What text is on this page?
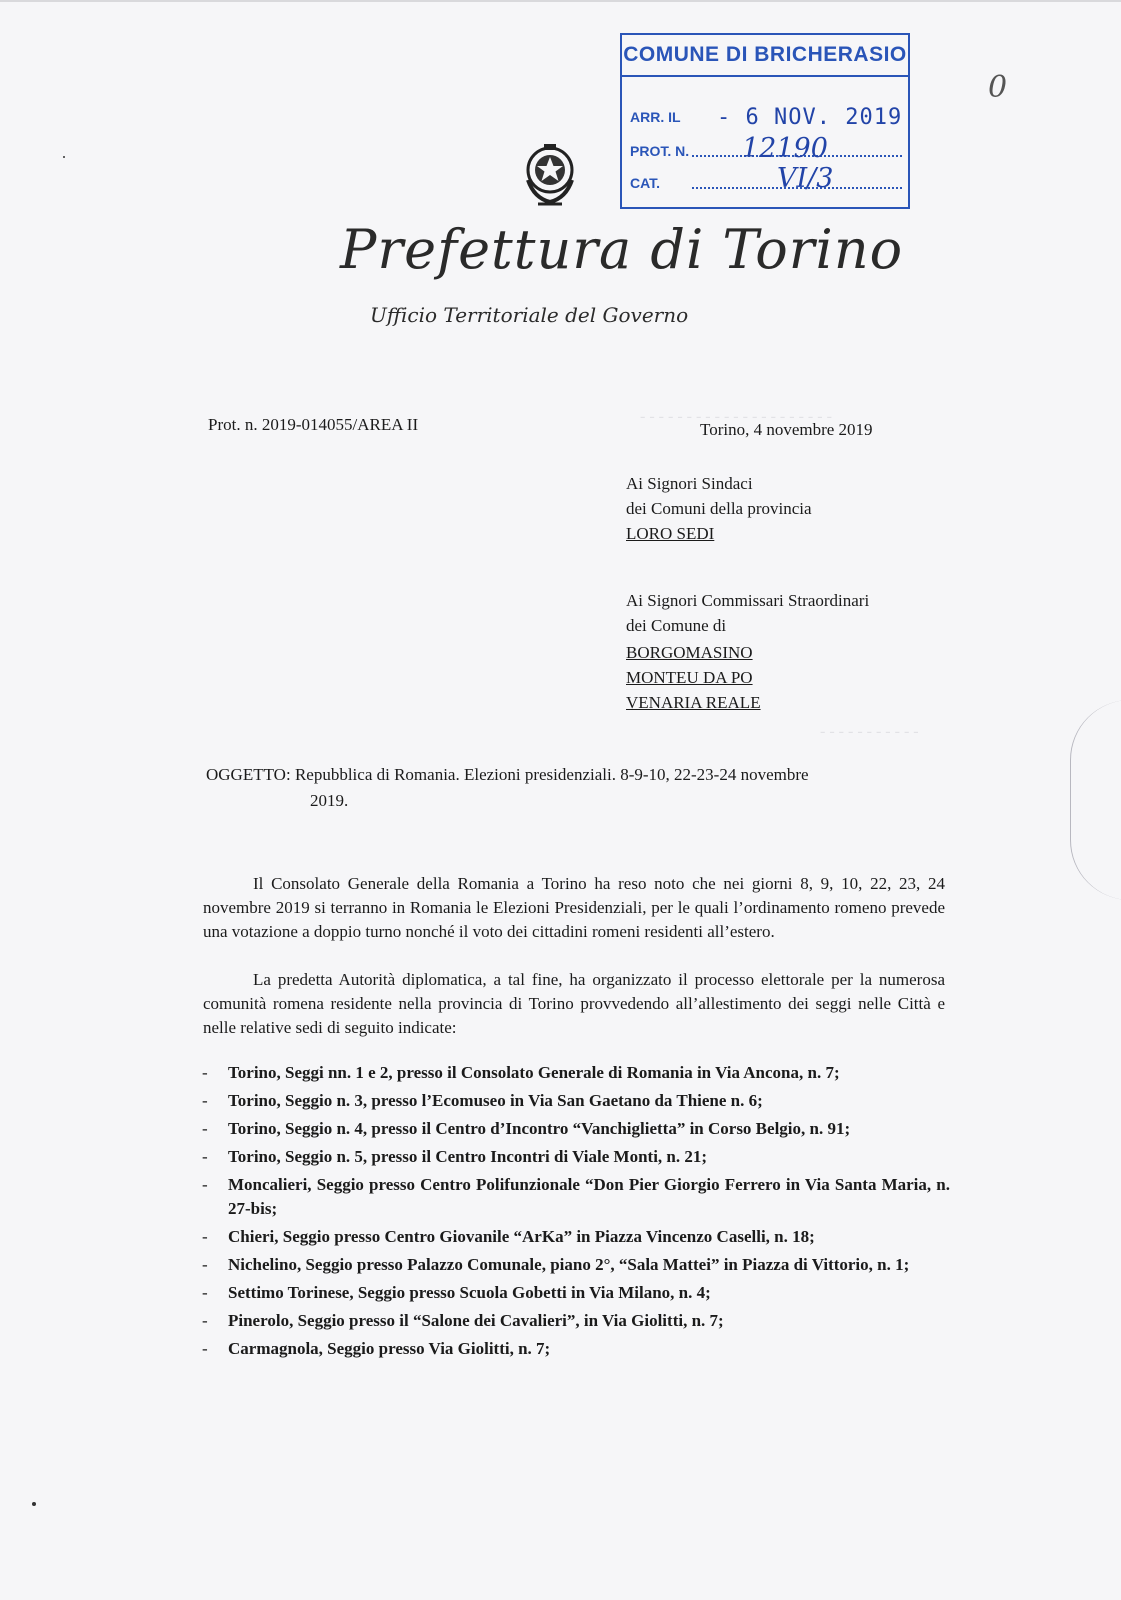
COMUNE DI BRICHERASIO
ARR. IL - 6 NOV. 2019
PROT. N. 12190
CAT.	VI/3
0
Prefettura di Torino
Ufficio Territoriale del Governo
- - - - - - - - - - - - - - - - - - - - -
- - - - - - - - - - -
Prot. n. 2019-014055/AREA II	Torino, 4 novembre 2019
Ai Signori Sindaci
dei Comuni della provincia
LORO SEDI
Ai Signori Commissari Straordinari
dei Comune di
BORGOMASINO
MONTEU DA PO
VENARIA REALE
OGGETTO: Repubblica di Romania. Elezioni presidenziali. 8-9-10, 22-23-24 novembre
2019.
Il Consolato Generale della Romania a Torino ha reso noto che nei giorni 8, 9, 10, 22, 23, 24 novembre 2019 si terranno in Romania le Elezioni Presidenziali, per le quali l’ordinamento romeno prevede una votazione a doppio turno nonché il voto dei cittadini romeni residenti all’estero.
La predetta Autorità diplomatica, a tal fine, ha organizzato il processo elettorale per la numerosa comunità romena residente nella provincia di Torino provvedendo all’allestimento dei seggi nelle Città e nelle relative sedi di seguito indicate:
- Torino, Seggi nn. 1 e 2, presso il Consolato Generale di Romania in Via Ancona, n. 7;
- Torino, Seggio n. 3, presso l’Ecomuseo in Via San Gaetano da Thiene n. 6;
- Torino, Seggio n. 4, presso il Centro d’Incontro “Vanchiglietta” in Corso Belgio, n. 91;
- Torino, Seggio n. 5, presso il Centro Incontri di Viale Monti, n. 21;
- Moncalieri, Seggio presso Centro Polifunzionale “Don Pier Giorgio Ferrero in Via Santa Maria, n. 27-bis;
- Chieri, Seggio presso Centro Giovanile “ArKa” in Piazza Vincenzo Caselli, n. 18;
- Nichelino, Seggio presso Palazzo Comunale, piano 2°, “Sala Mattei” in Piazza di Vittorio, n. 1;
- Settimo Torinese, Seggio presso Scuola Gobetti in Via Milano, n. 4;
- Pinerolo, Seggio presso il “Salone dei Cavalieri”, in Via Giolitti, n. 7;
- Carmagnola, Seggio presso Via Giolitti, n. 7;
